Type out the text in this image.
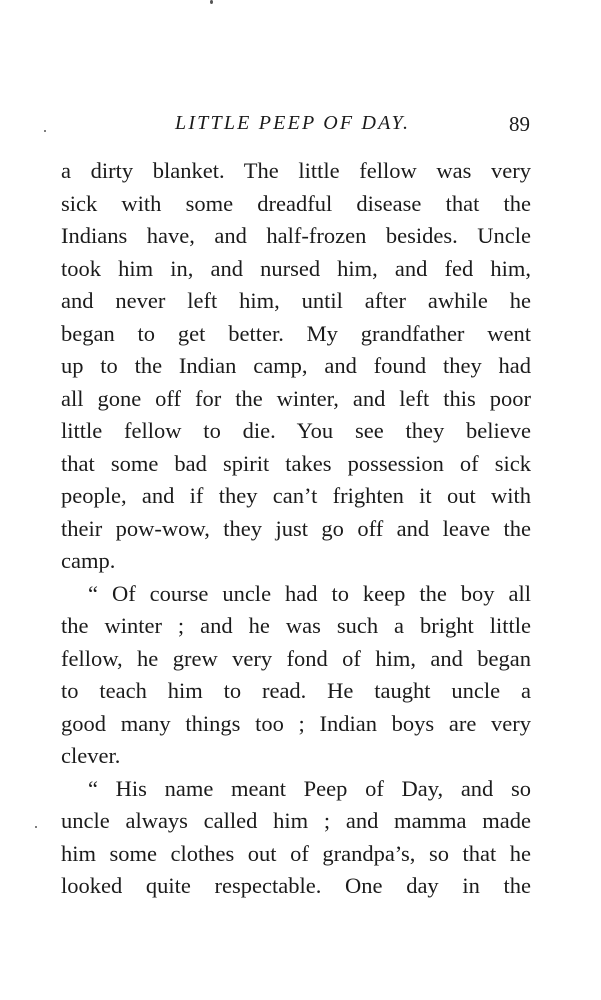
LITTLE PEEP OF DAY.	89
a dirty blanket. The little fellow was very
sick with some dreadful disease that the
Indians have, and half-frozen besides. Uncle
took him in, and nursed him, and fed him,
and never left him, until after awhile he
began to get better. My grandfather went
up to the Indian camp, and found they had
all gone off for the winter, and left this poor
little fellow to die. You see they believe
that some bad spirit takes possession of sick
people, and if they can’t frighten it out with
their pow-wow, they just go off and leave the
camp.
“ Of course uncle had to keep the boy all
the winter ; and he was such a bright little
fellow, he grew very fond of him, and began
to teach him to read. He taught uncle a
good many things too ; Indian boys are very
clever.
“ His name meant Peep of Day, and so
uncle always called him ; and mamma made
him some clothes out of grandpa’s, so that he
looked quite respectable. One day in the
